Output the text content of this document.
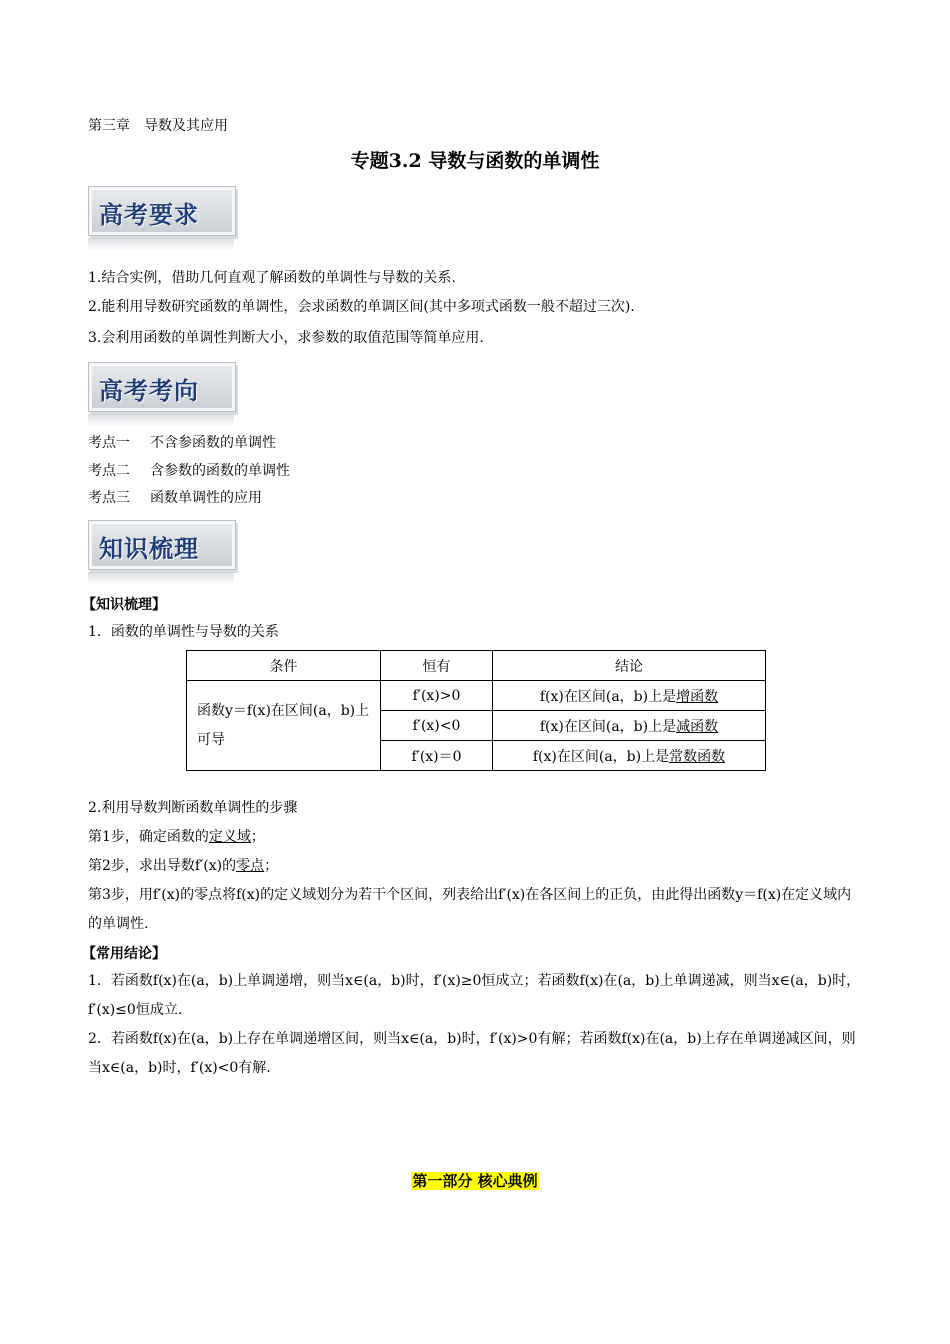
第三章　导数及其应用
专题3.2 导数与函数的单调性
高考要求
1.结合实例，借助几何直观了解函数的单调性与导数的关系.
2.能利用导数研究函数的单调性，会求函数的单调区间(其中多项式函数一般不超过三次).
3.会利用函数的单调性判断大小，求参数的取值范围等简单应用.
高考考向
考点一 不含参函数的单调性
考点二 含参数的函数的单调性
考点三 函数单调性的应用
知识梳理
【知识梳理】
1．函数的单调性与导数的关系
条件	恒有	结论
函数y＝f(x)在区间(a，b)上可导	f′(x)>0	f(x)在区间(a，b)上是增函数
	f′(x)<0	f(x)在区间(a，b)上是减函数
	f′(x)＝0	f(x)在区间(a，b)上是常数函数
2.利用导数判断函数单调性的步骤
第1步，确定函数的定义域；
第2步，求出导数f′(x)的零点；
第3步，用f′(x)的零点将f(x)的定义域划分为若干个区间，列表给出f′(x)在各区间上的正负，由此得出函数y＝f(x)在定义域内的单调性.
【常用结论】
1．若函数f(x)在(a，b)上单调递增，则当x∈(a，b)时，f′(x)≥0恒成立；若函数f(x)在(a，b)上单调递减，则当x∈(a，b)时，f′(x)≤0恒成立.
2．若函数f(x)在(a，b)上存在单调递增区间，则当x∈(a，b)时，f′(x)>0有解；若函数f(x)在(a，b)上存在单调递减区间，则当x∈(a，b)时，f′(x)<0有解.
第一部分 核心典例
